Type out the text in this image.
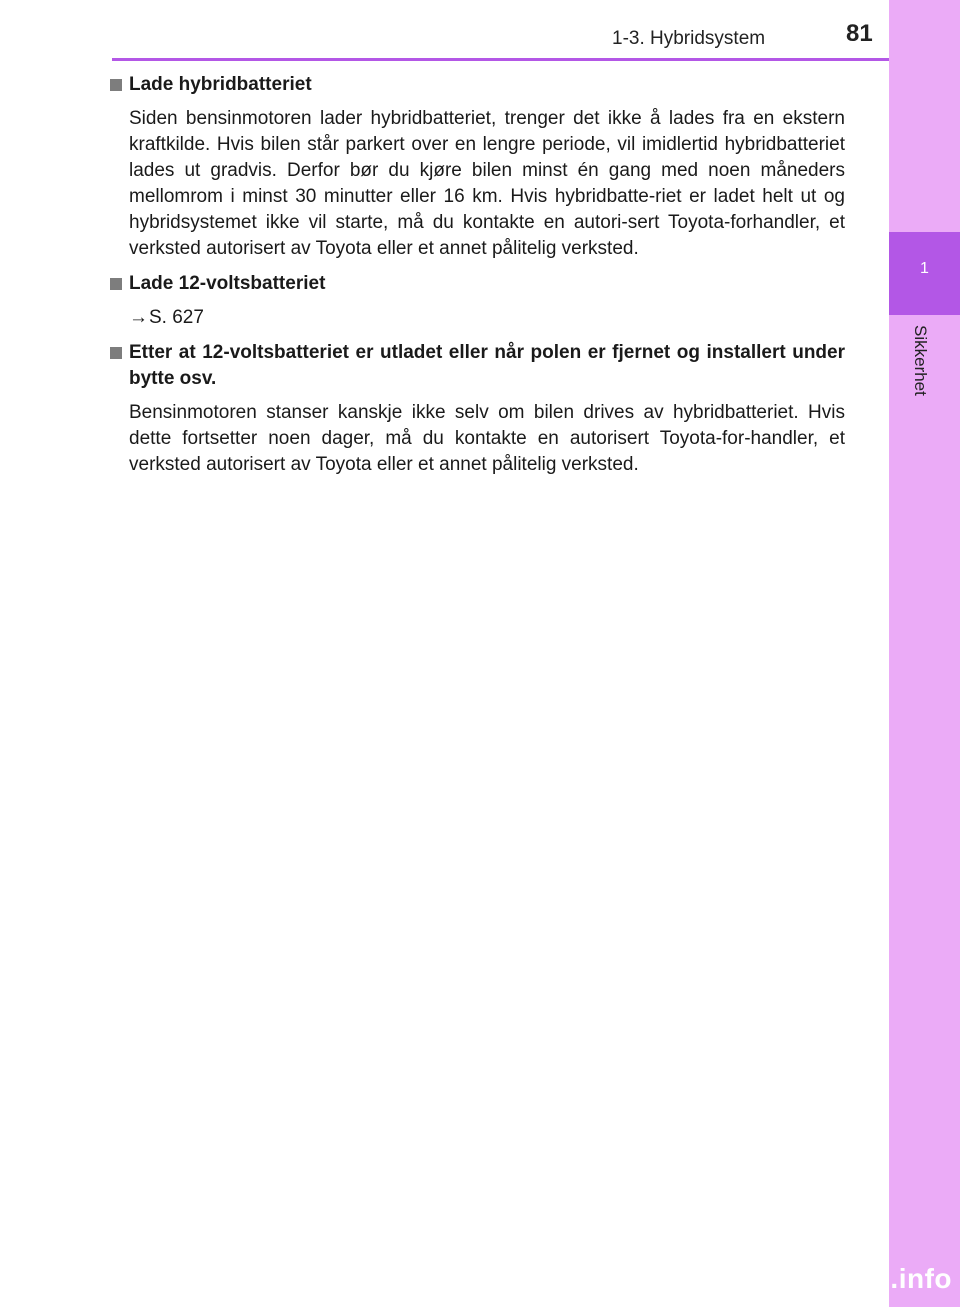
1
Sikkerhet
1-3. Hybridsystem	81

Lade hybridbatteriet

Siden bensinmotoren lader hybridbatteriet, trenger det ikke å lades fra en ekstern kraftkilde. Hvis bilen står parkert over en lengre periode, vil imidlertid hybridbatteriet lades ut gradvis. Derfor bør du kjøre bilen minst én gang med noen måneders mellomrom i minst 30 minutter eller 16 km. Hvis hybridbatte-riet er ladet helt ut og hybridsystemet ikke vil starte, må du kontakte en autori-sert Toyota-forhandler, et verksted autorisert av Toyota eller et annet pålitelig verksted.

Lade 12-voltsbatteriet

→S. 627

Etter at 12-voltsbatteriet er utladet eller når polen er fjernet og installert under bytte osv.

Bensinmotoren stanser kanskje ikke selv om bilen drives av hybridbatteriet. Hvis dette fortsetter noen dager, må du kontakte en autorisert Toyota-for-handler, et verksted autorisert av Toyota eller et annet pålitelig verksted.

carmanualsonline.info
